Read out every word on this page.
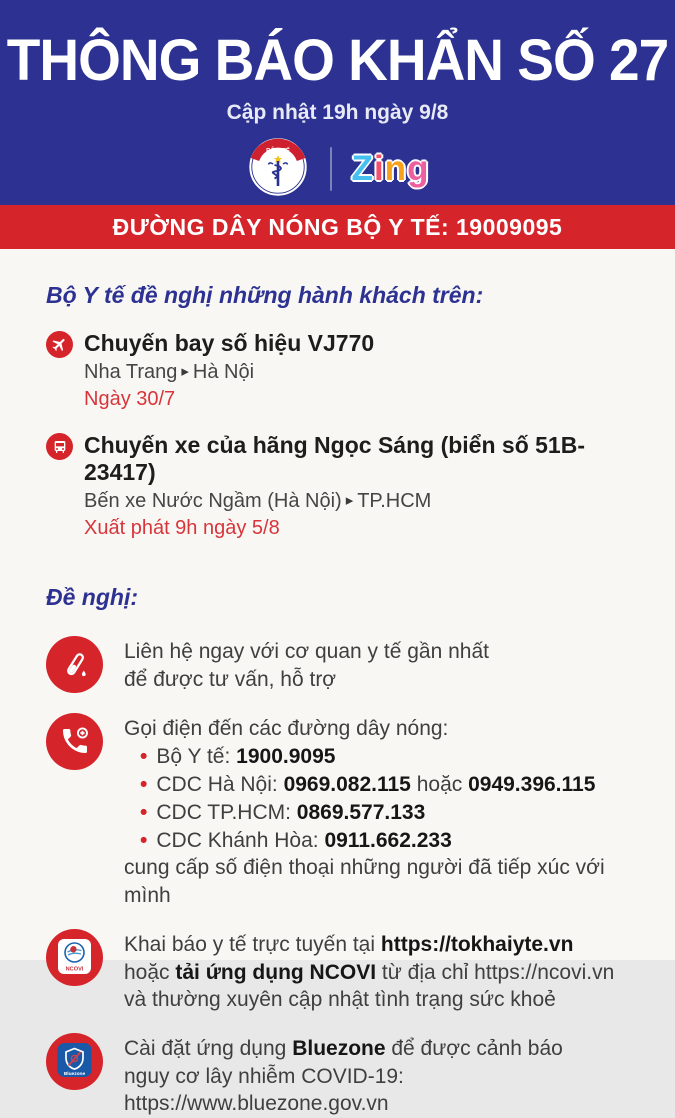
THÔNG BÁO KHẨN SỐ 27
Cập nhật 19h ngày 9/8
BỘ Y TẾ Zing
ĐƯỜNG DÂY NÓNG BỘ Y TẾ: 19009095
Bộ Y tế đề nghị những hành khách trên:
Chuyến bay số hiệu VJ770
Nha Trang ▸ Hà Nội
Ngày 30/7
Chuyến xe của hãng Ngọc Sáng (biển số 51B-23417)
Bến xe Nước Ngầm (Hà Nội) ▸ TP.HCM
Xuất phát 9h ngày 5/8
Đề nghị:
Liên hệ ngay với cơ quan y tế gần nhất
để được tư vấn, hỗ trợ
Gọi điện đến các đường dây nóng:
• Bộ Y tế: 1900.9095
• CDC Hà Nội: 0969.082.115 hoặc 0949.396.115
• CDC TP.HCM: 0869.577.133
• CDC Khánh Hòa: 0911.662.233
cung cấp số điện thoại những người đã tiếp xúc với mình
NCOVI
Khai báo y tế trực tuyến tại https://tokhaiyte.vn
hoặc tải ứng dụng NCOVI từ địa chỉ https://ncovi.vn
và thường xuyên cập nhật tình trạng sức khoẻ
Bluezone
Cài đặt ứng dụng Bluezone để được cảnh báo
nguy cơ lây nhiễm COVID-19: https://www.bluezone.gov.vn
